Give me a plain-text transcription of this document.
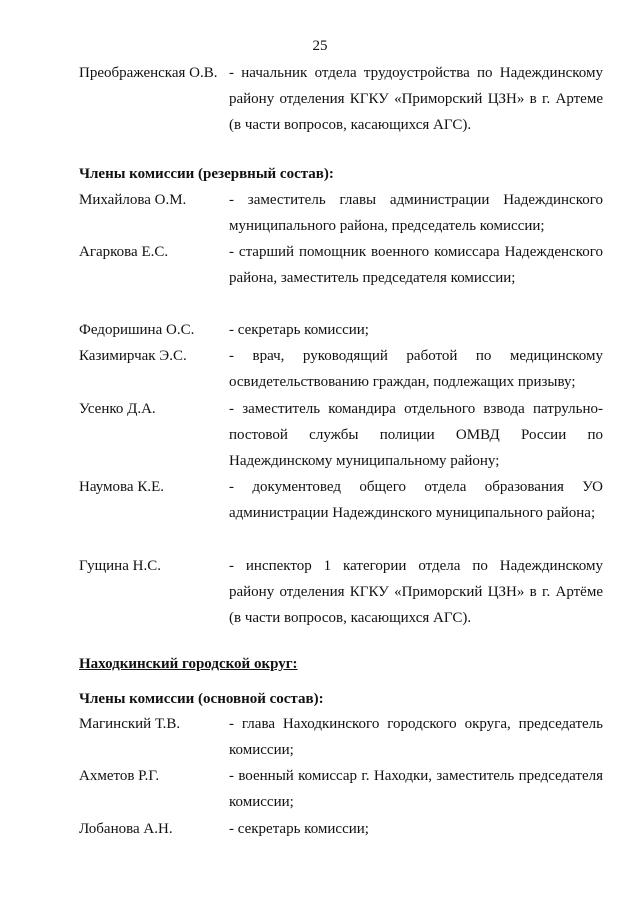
25
Преображенская О.В. - начальник отдела трудоустройства по Надеждинскому району отделения КГКУ «Приморский ЦЗН» в г. Артеме (в части вопросов, касающихся АГС).
Члены комиссии (резервный состав):
Михайлова О.М.	- заместитель главы администрации Надеждинского муниципального района, председатель комиссии;
Агаркова Е.С.	- старший помощник военного комиссара Надежденского района, заместитель председателя комиссии;
Федоришина О.С. - секретарь комиссии;
Казимирчак Э.С.	- врач, руководящий работой по медицинскому освидетельствованию граждан, подлежащих призыву;
Усенко Д.А.	- заместитель командира отдельного взвода патрульно-постовой службы полиции ОМВД России по Надеждинскому муниципальному району;
Наумова К.Е.	- документовед общего отдела образования УО администрации Надеждинского муниципального района;
Гущина Н.С.	- инспектор 1 категории отдела по Надеждинскому району отделения КГКУ «Приморский ЦЗН» в г. Артёме (в части вопросов, касающихся АГС).
Находкинский городской округ:
Члены комиссии (основной состав):
Магинский Т.В.	- глава Находкинского городского округа, председатель комиссии;
Ахметов Р.Г.	- военный комиссар г. Находки, заместитель председателя комиссии;
Лобанова А.Н.	- секретарь комиссии;
